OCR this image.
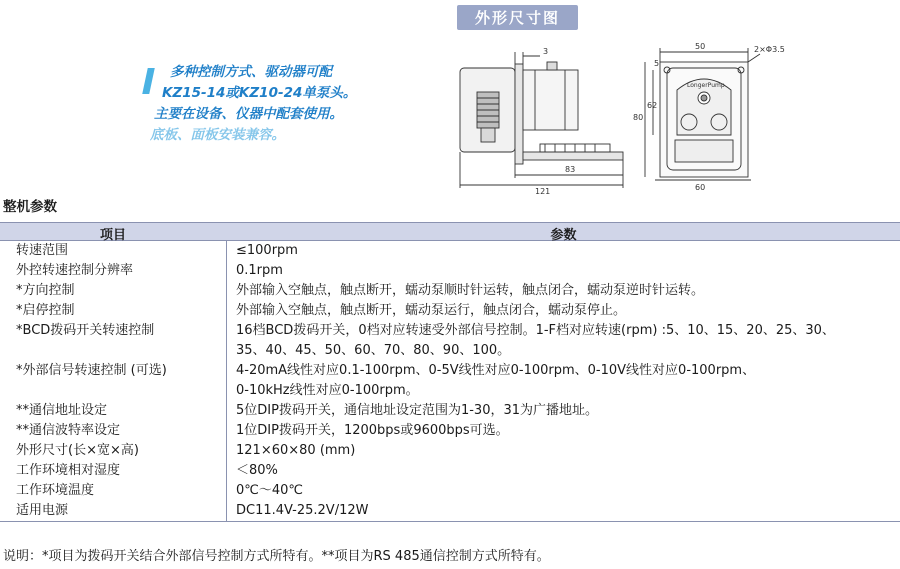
多种控制方式、驱动器可配
KZ15-14或KZ10-24单泵头。
主要在设备、仪器中配套使用。
底板、面板安装兼容。
外形尺寸图
3
83
121
50	2×Φ3.5
60
80
62
5
LongerPump
整机参数
项目	参数
转速范围	≤100rpm
外控转速控制分辨率	0.1rpm
*方向控制	外部输入空触点，触点断开，蠕动泵顺时针运转，触点闭合，蠕动泵逆时针运转。
*启停控制	外部输入空触点，触点断开，蠕动泵运行，触点闭合，蠕动泵停止。
*BCD拨码开关转速控制	16档BCD拨码开关，0档对应转速受外部信号控制。1-F档对应转速(rpm) :5、10、15、20、25、30、
35、40、45、50、60、70、80、90、100。
*外部信号转速控制 (可选)	4-20mA线性对应0.1-100rpm、0-5V线性对应0-100rpm、0-10V线性对应0-100rpm、
0-10kHz线性对应0-100rpm。
**通信地址设定	5位DIP拨码开关，通信地址设定范围为1-30，31为广播地址。
**通信波特率设定	1位DIP拨码开关，1200bps或9600bps可选。
外形尺寸(长×宽×高)	121×60×80 (mm)
工作环境相对湿度	＜80%
工作环境温度	0℃～40℃
适用电源	DC11.4V-25.2V/12W
说明：*项目为拨码开关结合外部信号控制方式所特有。**项目为RS 485通信控制方式所特有。
